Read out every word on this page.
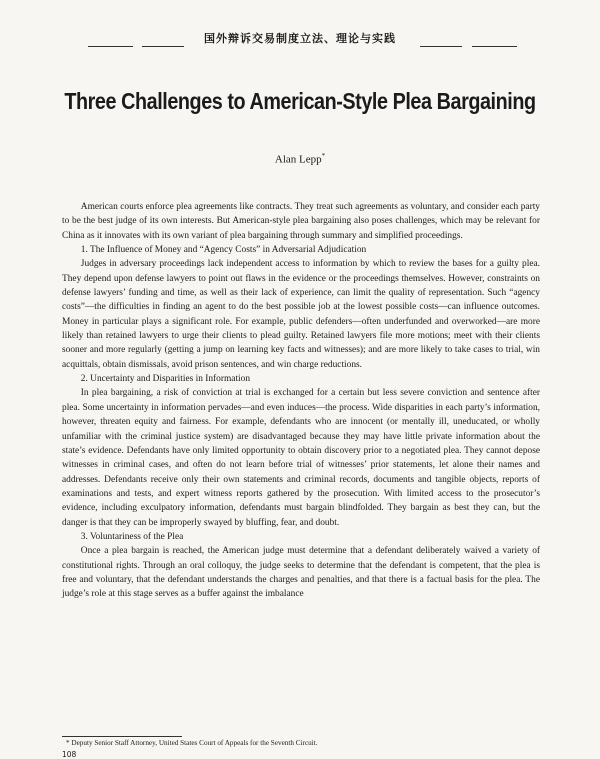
国外辩诉交易制度立法、理论与实践
Three Challenges to American-Style Plea Bargaining
Alan Lepp*

American courts enforce plea agreements like contracts. They treat such agreements as voluntary, and consider each party to be the best judge of its own interests. But American-style plea bargaining also poses challenges, which may be relevant for China as it innovates with its own variant of plea bargaining through summary and simplified proceedings.

1. The Influence of Money and “Agency Costs” in Adversarial Adjudication

Judges in adversary proceedings lack independent access to information by which to review the bases for a guilty plea. They depend upon defense lawyers to point out flaws in the evidence or the proceedings themselves. However, constraints on defense lawyers’ funding and time, as well as their lack of experience, can limit the quality of representation. Such “agency costs”—the difficulties in finding an agent to do the best possible job at the lowest possible costs—can influence outcomes. Money in particular plays a significant role. For example, public defenders—often underfunded and overworked—are more likely than retained lawyers to urge their clients to plead guilty. Retained lawyers file more motions; meet with their clients sooner and more regularly (getting a jump on learning key facts and witnesses); and are more likely to take cases to trial, win acquittals, obtain dismissals, avoid prison sentences, and win charge reductions.

2. Uncertainty and Disparities in Information

In plea bargaining, a risk of conviction at trial is exchanged for a certain but less severe conviction and sentence after plea. Some uncertainty in information pervades—and even induces—the process. Wide disparities in each party’s information, however, threaten equity and fairness. For example, defendants who are innocent (or mentally ill, uneducated, or wholly unfamiliar with the criminal justice system) are disadvantaged because they may have little private information about the state’s evidence. Defendants have only limited opportunity to obtain discovery prior to a negotiated plea. They cannot depose witnesses in criminal cases, and often do not learn before trial of witnesses’ prior statements, let alone their names and addresses. Defendants receive only their own statements and criminal records, documents and tangible objects, reports of examinations and tests, and expert witness reports gathered by the prosecution. With limited access to the prosecutor’s evidence, including exculpatory information, defendants must bargain blindfolded. They bargain as best they can, but the danger is that they can be improperly swayed by bluffing, fear, and doubt.

3. Voluntariness of the Plea

Once a plea bargain is reached, the American judge must determine that a defendant deliberately waived a variety of constitutional rights. Through an oral colloquy, the judge seeks to determine that the defendant is competent, that the plea is free and voluntary, that the defendant understands the charges and penalties, and that there is a factual basis for the plea. The judge’s role at this stage serves as a buffer against the imbalance

* Deputy Senior Staff Attorney, United States Court of Appeals for the Seventh Circuit.
108
